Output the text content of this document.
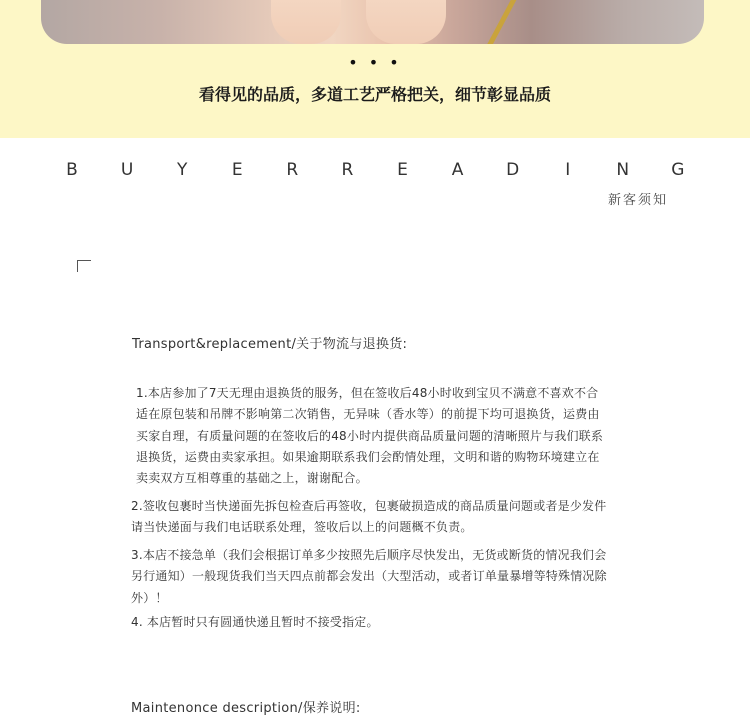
• • •
看得见的品质，多道工艺严格把关，细节彰显品质
B	U	Y	E	R	R	E	A	D	I	N G
新客须知
Transport&replacement/关于物流与退换货:
1.本店参加了7天无理由退换货的服务，但在签收后48小时收到宝贝不满意不喜欢不合适在原包装和吊牌不影响第二次销售，无异味（香水等）的前提下均可退换货，运费由买家自理，有质量问题的在签收后的48小时内提供商品质量问题的清晰照片与我们联系退换货，运费由卖家承担。如果逾期联系我们会酌情处理，文明和谐的购物环境建立在卖卖双方互相尊重的基础之上，谢谢配合。
2.签收包裹时当快递面先拆包检查后再签收，包裹破损造成的商品质量问题或者是少发件请当快递面与我们电话联系处理，签收后以上的问题概不负责。
3.本店不接急单（我们会根据订单多少按照先后顺序尽快发出，无货或断货的情况我们会另行通知）一般现货我们当天四点前都会发出（大型活动，或者订单量暴增等特殊情况除外）！
4. 本店暂时只有圆通快递且暂时不接受指定。
Maintenonce description/保养说明:
